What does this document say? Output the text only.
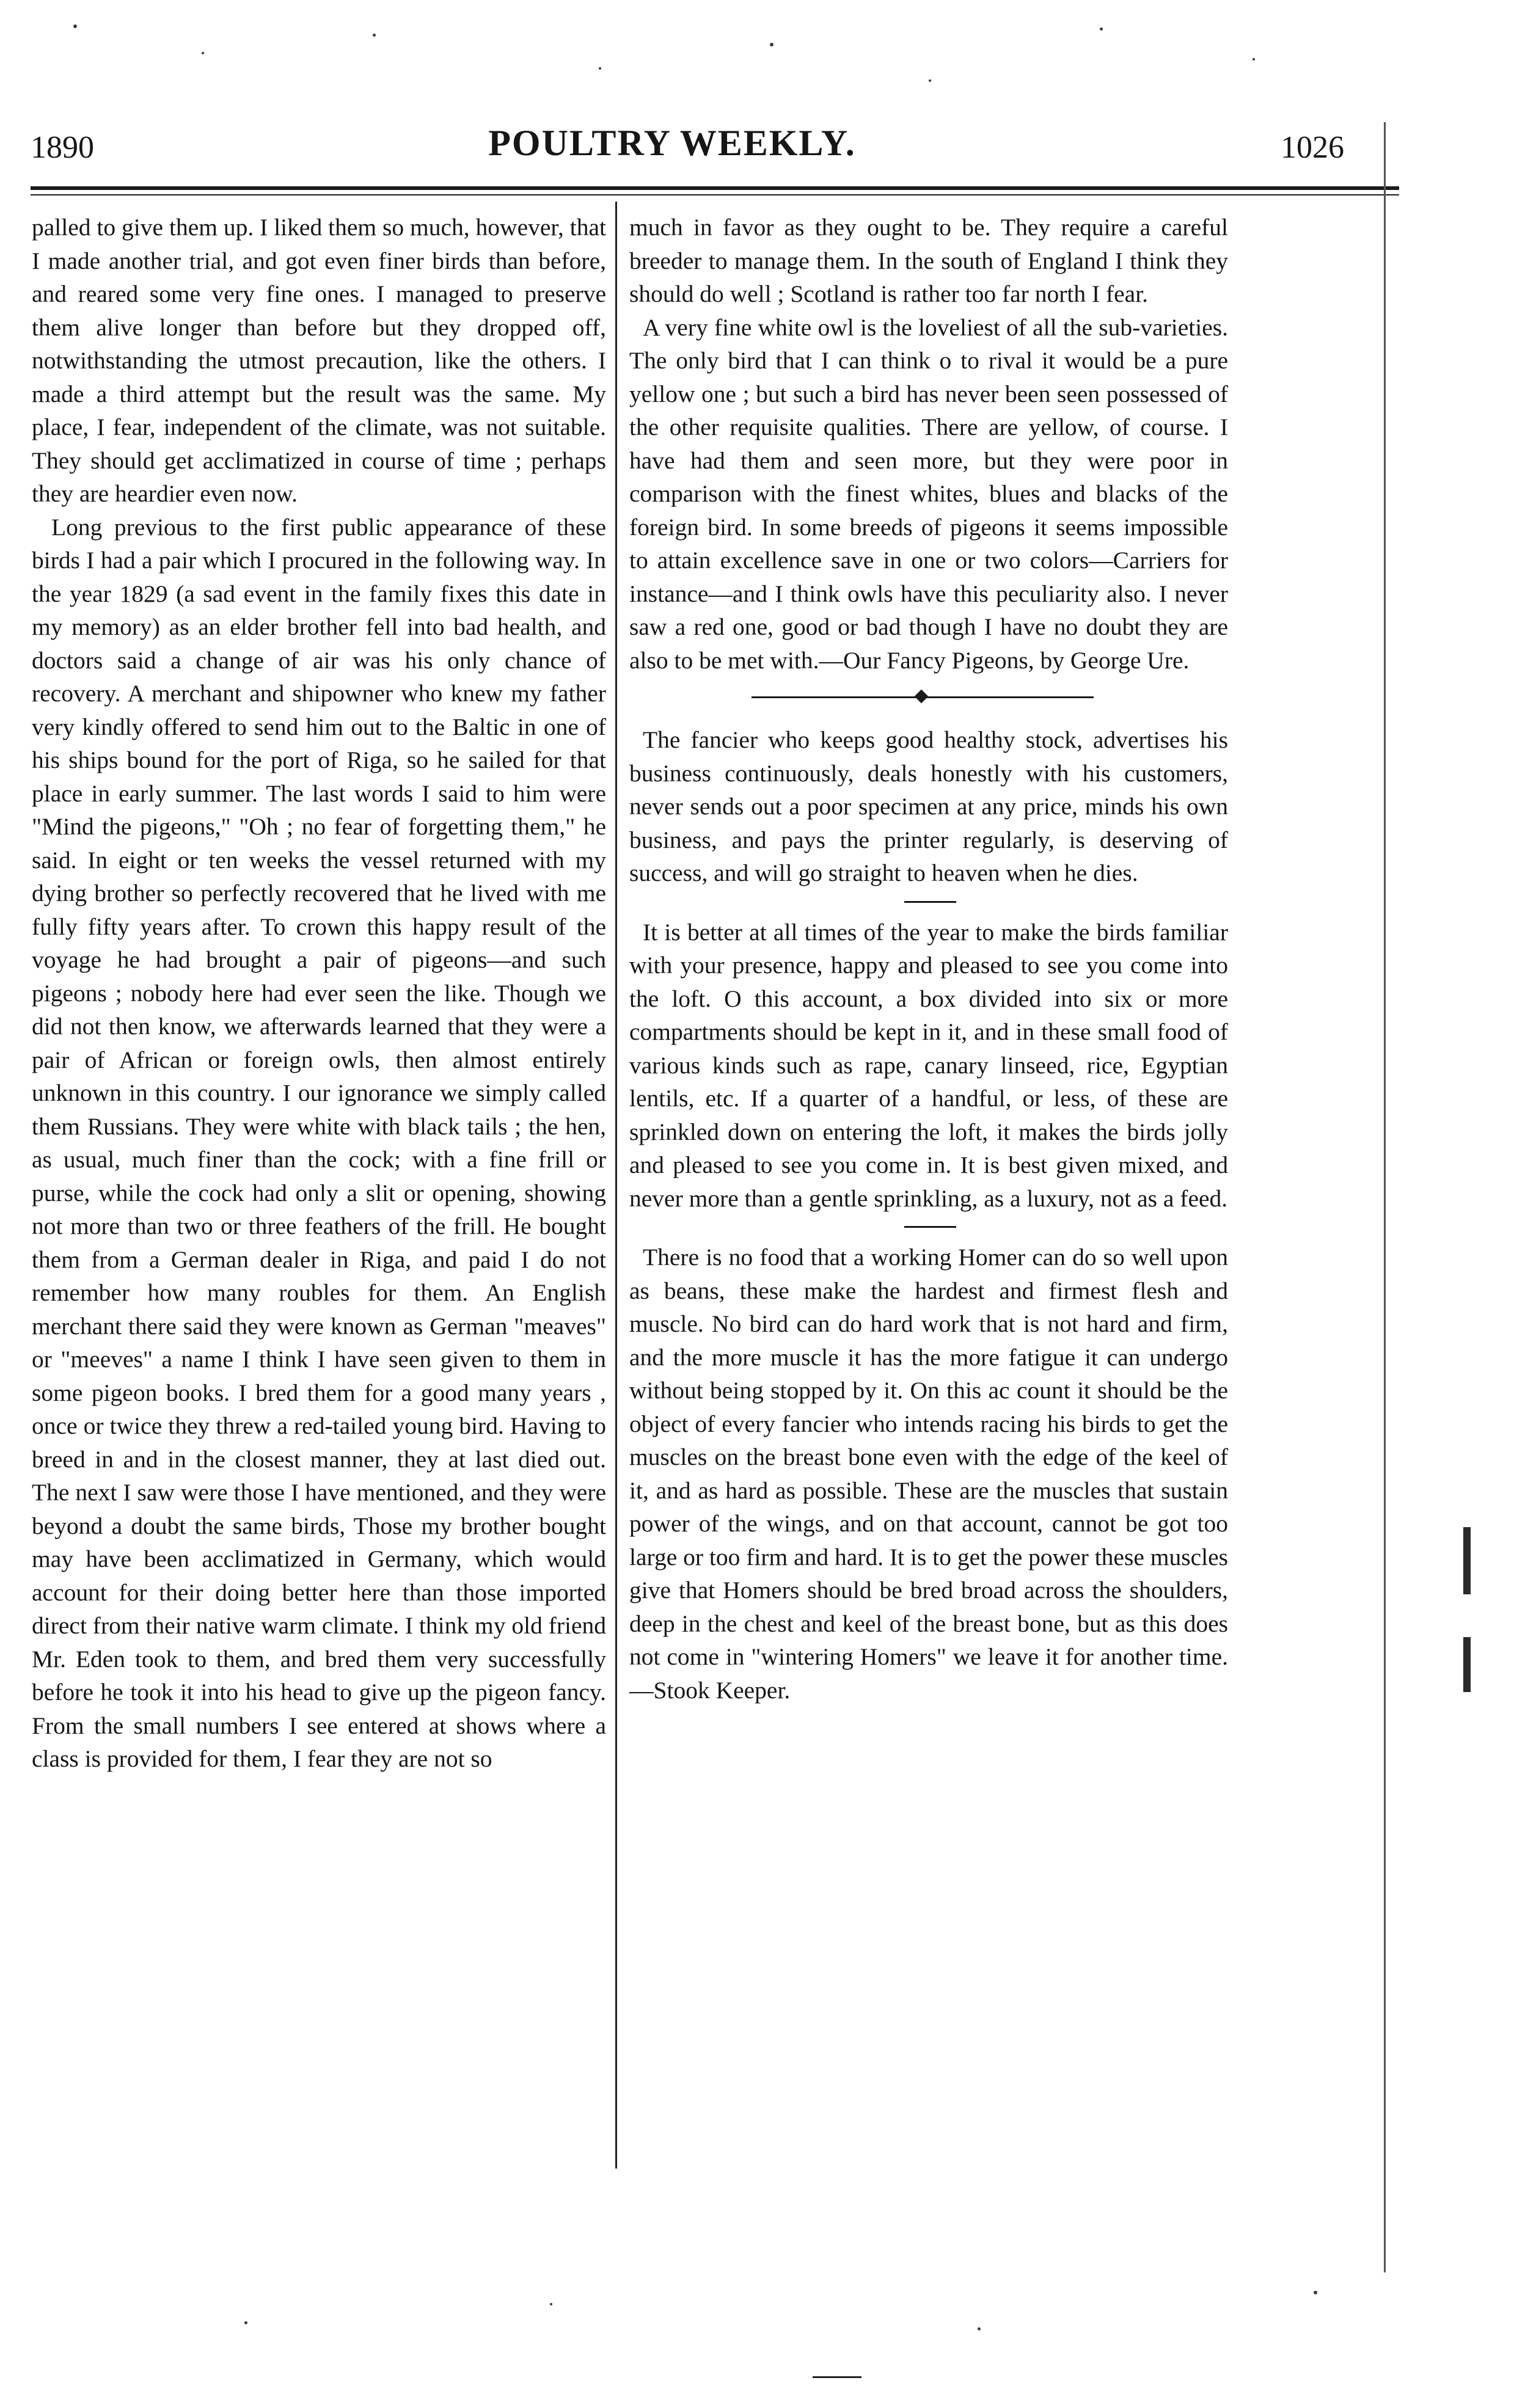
1890	POULTRY WEEKLY.	1026

palled to give them up. I liked them so much, however, that I made another trial, and got even finer birds than before, and reared some very fine ones. I managed to preserve them alive longer than before but they dropped off, notwithstanding the utmost precaution, like the others. I made a third attempt but the result was the same. My place, I fear, independent of the climate, was not suitable. They should get acclimatized in course of time ; perhaps they are heardier even now.

Long previous to the first public appearance of these birds I had a pair which I procured in the following way. In the year 1829 (a sad event in the family fixes this date in my memory) as an elder brother fell into bad health, and doctors said a change of air was his only chance of recovery. A merchant and shipowner who knew my father very kindly offered to send him out to the Baltic in one of his ships bound for the port of Riga, so he sailed for that place in early summer. The last words I said to him were "Mind the pigeons," "Oh ; no fear of forgetting them," he said. In eight or ten weeks the vessel returned with my dying brother so perfectly recovered that he lived with me fully fifty years after. To crown this happy result of the voyage he had brought a pair of pigeons—and such pigeons ; nobody here had ever seen the like. Though we did not then know, we afterwards learned that they were a pair of African or foreign owls, then almost entirely unknown in this country. I our ignorance we simply called them Russians. They were white with black tails ; the hen, as usual, much finer than the cock; with a fine frill or purse, while the cock had only a slit or opening, showing not more than two or three feathers of the frill. He bought them from a German dealer in Riga, and paid I do not remember how many roubles for them. An English merchant there said they were known as German "meaves" or "meeves" a name I think I have seen given to them in some pigeon books. I bred them for a good many years , once or twice they threw a red-tailed young bird. Having to breed in and in the closest manner, they at last died out. The next I saw were those I have mentioned, and they were beyond a doubt the same birds, Those my brother bought may have been acclimatized in Germany, which would account for their doing better here than those imported direct from their native warm climate. I think my old friend Mr. Eden took to them, and bred them very successfully before he took it into his head to give up the pigeon fancy. From the small numbers I see entered at shows where a class is provided for them, I fear they are not so

much in favor as they ought to be. They require a careful breeder to manage them. In the south of England I think they should do well ; Scotland is rather too far north I fear.

A very fine white owl is the loveliest of all the sub-varieties. The only bird that I can think o to rival it would be a pure yellow one ; but such a bird has never been seen possessed of the other requisite qualities. There are yellow, of course. I have had them and seen more, but they were poor in comparison with the finest whites, blues and blacks of the foreign bird. In some breeds of pigeons it seems impossible to attain excellence save in one or two colors—Carriers for instance—and I think owls have this peculiarity also. I never saw a red one, good or bad though I have no doubt they are also to be met with.—Our Fancy Pigeons, by George Ure.

The fancier who keeps good healthy stock, advertises his business continuously, deals honestly with his customers, never sends out a poor specimen at any price, minds his own business, and pays the printer regularly, is deserving of success, and will go straight to heaven when he dies.

It is better at all times of the year to make the birds familiar with your presence, happy and pleased to see you come into the loft. O this account, a box divided into six or more compartments should be kept in it, and in these small food of various kinds such as rape, canary linseed, rice, Egyptian lentils, etc. If a quarter of a handful, or less, of these are sprinkled down on entering the loft, it makes the birds jolly and pleased to see you come in. It is best given mixed, and never more than a gentle sprinkling, as a luxury, not as a feed.

There is no food that a working Homer can do so well upon as beans, these make the hardest and firmest flesh and muscle. No bird can do hard work that is not hard and firm, and the more muscle it has the more fatigue it can undergo without being stopped by it. On this ac count it should be the object of every fancier who intends racing his birds to get the muscles on the breast bone even with the edge of the keel of it, and as hard as possible. These are the muscles that sustain power of the wings, and on that account, cannot be got too large or too firm and hard. It is to get the power these muscles give that Homers should be bred broad across the shoulders, deep in the chest and keel of the breast bone, but as this does not come in "wintering Homers" we leave it for another time.—Stook Keeper.
